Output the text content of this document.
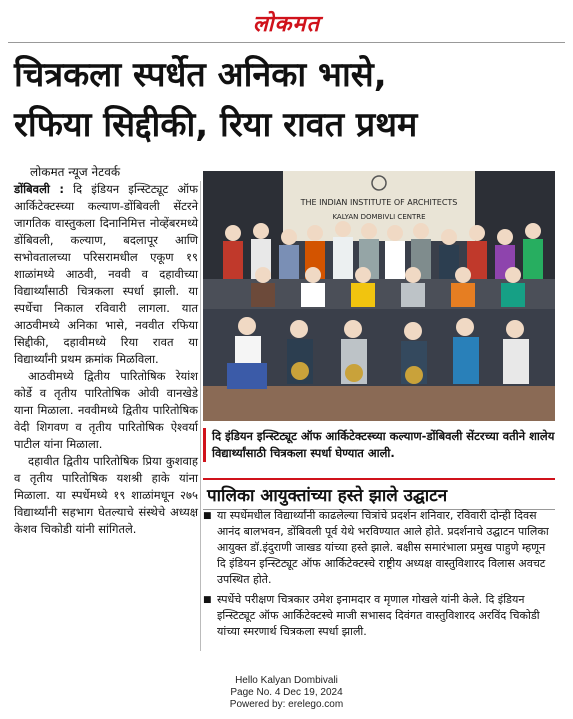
लोकमत
चित्रकला स्पर्धेत अनिका भासे,
रफिया सिद्दीकी, रिया रावत प्रथम
लोकमत न्यूज नेटवर्क

डोंबिवली : दि इंडियन इन्स्टिट्यूट ऑफ आर्किटेक्टस्च्या कल्याण-डोंबिवली सेंटरने जागतिक वास्तुकला दिनानिमित्त नोव्हेंबरमध्ये डोंबिवली, कल्याण, बदलापूर आणि सभोवतालच्या परिसरामधील एकूण १९ शाळांमध्ये आठवी, नववी व दहावीच्या विद्यार्थ्यांसाठी चित्रकला स्पर्धा झाली. या स्पर्धेचा निकाल रविवारी लागला. यात आठवीमध्ये अनिका भासे, नववीत रफिया सिद्दीकी, दहावीमध्ये रिया रावत या विद्यार्थ्यांनी प्रथम क्रमांक मिळविला.

आठवीमध्ये द्वितीय पारितोषिक रेयांश कोर्डे व तृतीय पारितोषिक ओवी वानखेडे याना मिळाला. नववीमध्ये द्वितीय पारितोषिक वेदी शिगवण व तृतीय पारितोषिक ऐश्वर्या पाटील यांना मिळाला.

दहावीत द्वितीय पारितोषिक प्रिया कुशवाह व तृतीय पारितोषिक यशश्री हाके यांना मिळाला. या स्पर्धेमध्ये १९ शाळांमधून २७५ विद्यार्थ्यांनी सहभाग घेतल्याचे संस्थेचे अध्यक्ष केशव चिकोडी यांनी सांगितले.

THE INDIAN INSTITUTE OF ARCHITECTS
KALYAN DOMBIVLI CENTRE
दि इंडियन इन्स्टिट्यूट ऑफ आर्किटेक्टस्च्या कल्याण-डोंबिवली सेंटरच्या वतीने शालेय विद्यार्थ्यांसाठी चित्रकला स्पर्धा घेण्यात आली.
पालिका आयुक्तांच्या हस्ते झाले उद्घाटन
■ या स्पर्धेमधील विद्यार्थ्यांनी काढलेल्या चित्रांचे प्रदर्शन शनिवार, रविवारी दोन्ही दिवस आनंद बालभवन, डोंबिवली पूर्व येथे भरविण्यात आले होते. प्रदर्शनाचे उद्घाटन पालिका आयुक्त डॉ.इंदुराणी जाखड यांच्या हस्ते झाले. बक्षीस समारंभाला प्रमुख पाहुणे म्हणून दि इंडियन इन्स्टिट्यूट ऑफ आर्किटेक्टस्चे राष्ट्रीय अध्यक्ष वास्तुविशारद विलास अवचट उपस्थित होते.
■ स्पर्धेचे परीक्षण चित्रकार उमेश इनामदार व मृणाल गोखले यांनी केले. दि इंडियन इन्स्टिट्यूट ऑफ आर्किटेक्टस्चे माजी सभासद दिवंगत वास्तुविशारद अरविंद चिकोडी यांच्या स्मरणार्थ चित्रकला स्पर्धा झाली.
Hello Kalyan Dombivali
Page No. 4 Dec 19, 2024
Powered by: erelego.com
